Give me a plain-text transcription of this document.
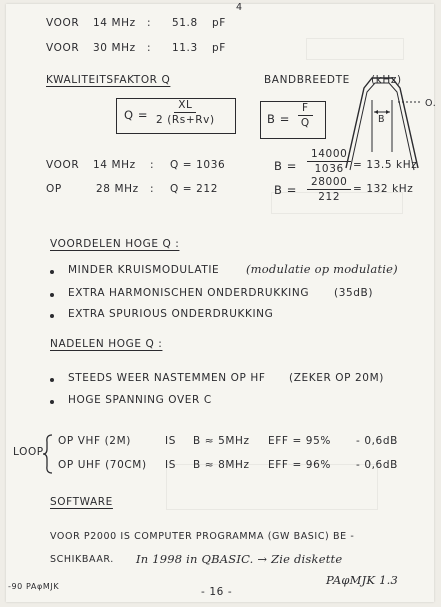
4
VOOR 14 MHz : 51.8 pF
VOOR 30 MHz : 11.3 pF
KWALITEITSFAKTOR Q
$Q = \frac{XL}{2 (Rs+Rv)}$
BANDBREEDTE (kHz)
$B = \frac{F}{Q}$	B
O.
VOOR 14 MHz : Q = 1036
OP	28 MHz : Q = 212
$B = \frac{14000}{1036} = 13.5$ kHz
$B = \frac{28000}{212} = 132$ kHz
VOORDELEN HOGE Q :
MINDER KRUISMODULATIE (modulatie op modulatie)
EXTRA HARMONISCHEN ONDERDRUKKING (35dB)
EXTRA SPURIOUS ONDERDRUKKING
NADELEN HOGE Q :
STEEDS WEER NASTEMMEN OP HF (ZEKER OP 20M)
HOGE SPANNING OVER C
LOOP
OP VHF (2M)	IS B ≈ 5MHz EFF = 95% - 0,6dB
OP UHF (70CM) IS B ≈ 8MHz EFF = 96% - 0,6dB
SOFTWARE
VOOR P2000 IS COMPUTER PROGRAMMA (GW BASIC) BE -
SCHIKBAAR. In 1998 in QBASIC. → Zie diskette
PAφMJK 1.3
-90 PAφMJK	- 16 -
